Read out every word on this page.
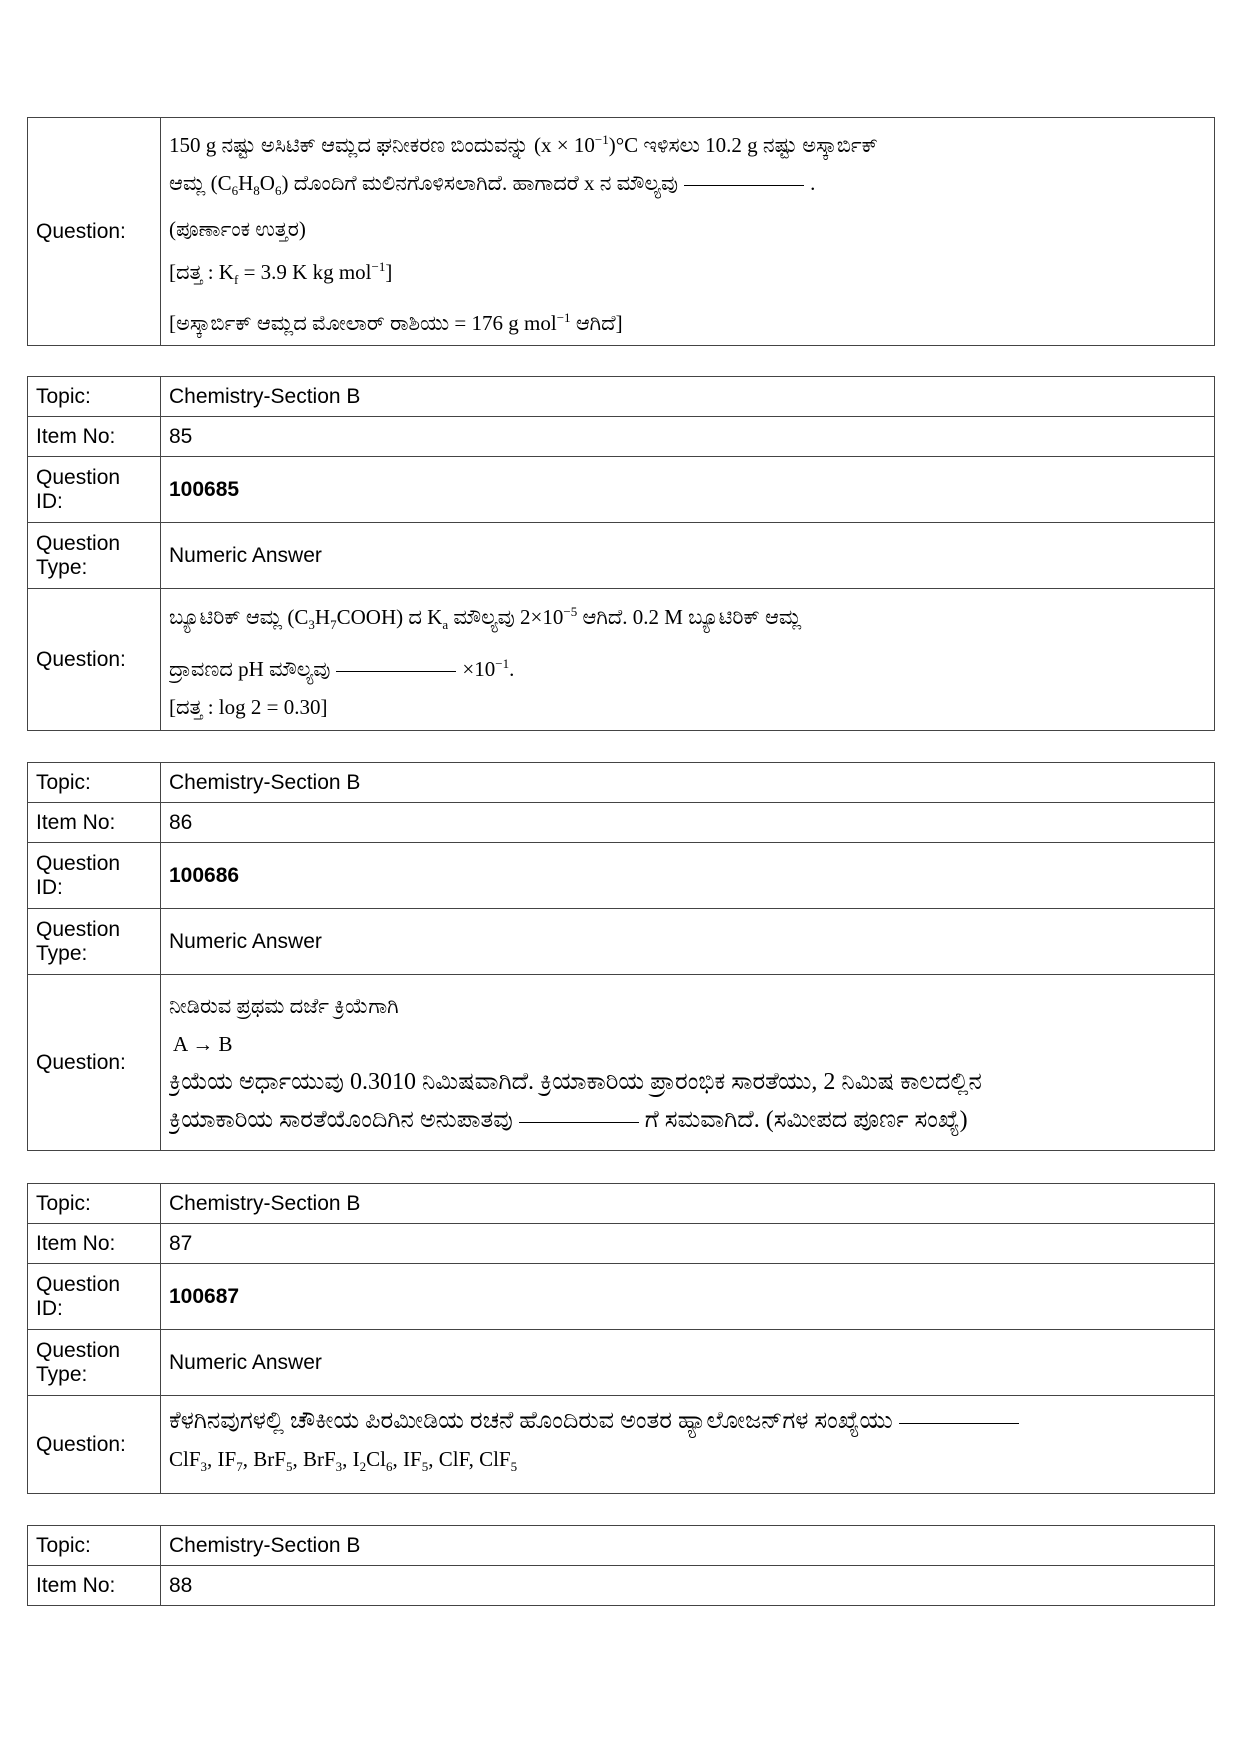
Question:	
150 g ನಷ್ಟು ಅಸಿಟಿಕ್ ಆಮ್ಲದ ಘನೀಕರಣ ಬಿಂದುವನ್ನು $(x \times 10^{-1})^\circ C$ ಇಳಿಸಲು 10.2 g ನಷ್ಟು ಅಸ್ಕಾರ್ಬಿಕ್
ಆಮ್ಲ $(C_6H_8O_6)$ ದೊಂದಿಗೆ ಮಲಿನಗೊಳಿಸಲಾಗಿದೆ. ಹಾಗಾದರೆ x ನ ಮೌಲ್ಯವು	.
(ಪೂರ್ಣಾಂಕ ಉತ್ತರ)
[ದತ್ತ : $K_f = 3.9$ K kg mol$^{-1}$]
[ಅಸ್ಕಾರ್ಬಿಕ್ ಆಮ್ಲದ ಮೋಲಾರ್ ರಾಶಿಯು = 176 g mol$^{-1}$ ಆಗಿದೆ]
Topic:	Chemistry-Section B
Item No:	85
Question ID:	100685
Question Type:	Numeric Answer
Question:	ಬ್ಯೂಟಿರಿಕ್ ಆಮ್ಲ $(C_3H_7COOH)$ ದ $K_a$ ಮೌಲ್ಯವು $2\times 10^{-5}$ ಆಗಿದೆ. 0.2 M ಬ್ಯೂಟಿರಿಕ್ ಆಮ್ಲ
ದ್ರಾವಣದ pH ಮೌಲ್ಯವು $\times 10^{-1}$.
[ದತ್ತ : log 2 = 0.30]
Topic:	Chemistry-Section B
Item No:	86
Question ID:	100686
Question Type:	Numeric Answer
Question:	ನೀಡಿರುವ ಪ್ರಥಮ ದರ್ಜೆ ಕ್ರಿಯೆಗಾಗಿ
A → B
ಕ್ರಿಯೆಯ ಅರ್ಧಾಯುವು 0.3010 ನಿಮಿಷವಾಗಿದೆ. ಕ್ರಿಯಾಕಾರಿಯ ಪ್ರಾರಂಭಿಕ ಸಾರತೆಯು, 2 ನಿಮಿಷ ಕಾಲದಲ್ಲಿನ
ಕ್ರಿಯಾಕಾರಿಯ ಸಾರತೆಯೊಂದಿಗಿನ ಅನುಪಾತವು ಗೆ ಸಮವಾಗಿದೆ. (ಸಮೀಪದ ಪೂರ್ಣ ಸಂಖ್ಯೆ)
Topic:	Chemistry-Section B
Item No:	87
Question ID:	100687
Question Type:	Numeric Answer
Question:	ಕೆಳಗಿನವುಗಳಲ್ಲಿ ಚೌಕೀಯ ಪಿರಮೀಡಿಯ ರಚನೆ ಹೊಂದಿರುವ ಅಂತರ ಹ್ಯಾಲೋಜನ್‌ಗಳ ಸಂಖ್ಯೆಯು
ClF$_3$, $IF_7$, BrF$_5$, BrF$_3$, $I_2Cl_6$, $IF_5$, ClF, ClF$_5$
Topic:	Chemistry-Section B
Item No:	88
